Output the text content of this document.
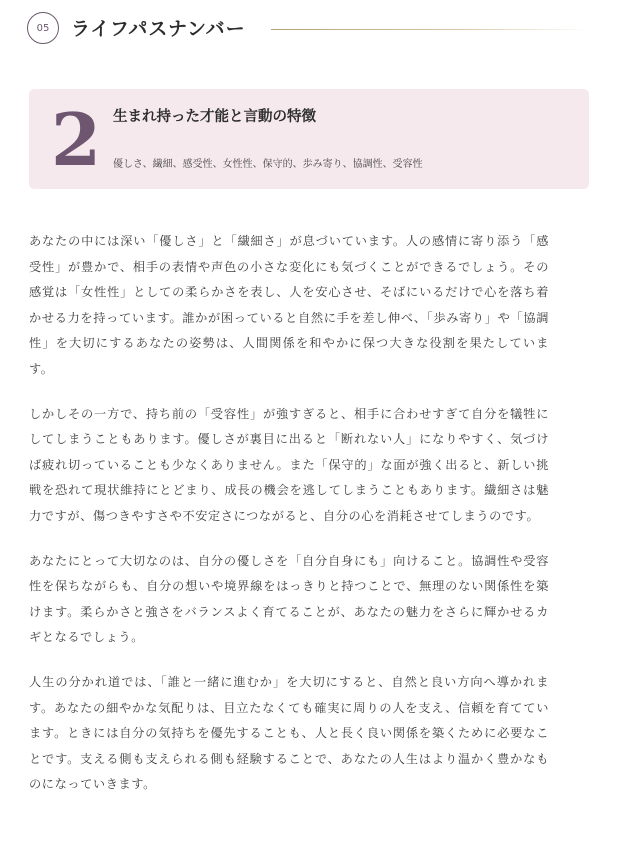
05	ライフパスナンバー
2 生まれ持った才能と言動の特徴
優しさ、繊細、感受性、女性性、保守的、歩み寄り、協調性、受容性

あなたの中には深い「優しさ」と「繊細さ」が息づいています。人の感情に寄り添う「感受性」が豊かで、相手の表情や声色の小さな変化にも気づくことができるでしょう。その感覚は「女性性」としての柔らかさを表し、人を安心させ、そばにいるだけで心を落ち着かせる力を持っています。誰かが困っていると自然に手を差し伸べ、「歩み寄り」や「協調性」を大切にするあなたの姿勢は、人間関係を和やかに保つ大きな役割を果たしています。

しかしその一方で、持ち前の「受容性」が強すぎると、相手に合わせすぎて自分を犠牲にしてしまうこともあります。優しさが裏目に出ると「断れない人」になりやすく、気づけば疲れ切っていることも少なくありません。また「保守的」な面が強く出ると、新しい挑戦を恐れて現状維持にとどまり、成長の機会を逃してしまうこともあります。繊細さは魅力ですが、傷つきやすさや不安定さにつながると、自分の心を消耗させてしまうのです。

あなたにとって大切なのは、自分の優しさを「自分自身にも」向けること。協調性や受容性を保ちながらも、自分の想いや境界線をはっきりと持つことで、無理のない関係性を築けます。柔らかさと強さをバランスよく育てることが、あなたの魅力をさらに輝かせるカギとなるでしょう。

人生の分かれ道では、「誰と一緒に進むか」を大切にすると、自然と良い方向へ導かれます。あなたの細やかな気配りは、目立たなくても確実に周りの人を支え、信頼を育てています。ときには自分の気持ちを優先することも、人と長く良い関係を築くために必要なことです。支える側も支えられる側も経験することで、あなたの人生はより温かく豊かなものになっていきます。
